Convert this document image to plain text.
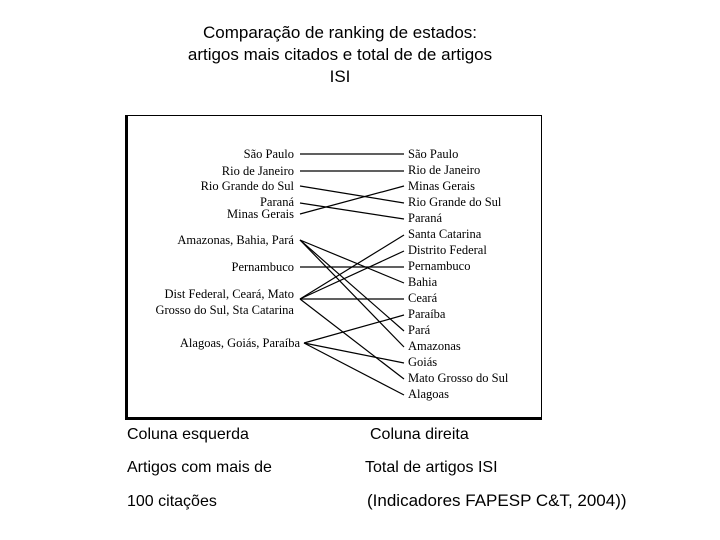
Comparação de ranking de estados:
artigos mais citados e total de de artigos
ISI
São Paulo
Rio de Janeiro
Rio Grande do Sul
Paraná
Minas Gerais
Amazonas, Bahia, Pará
Pernambuco
Dist Federal, Ceará, Mato
Grosso do Sul, Sta Catarina
Alagoas, Goiás, Paraíba
São Paulo
Rio de Janeiro
Minas Gerais
Rio Grande do Sul
Paraná
Santa Catarina
Distrito Federal
Pernambuco
Bahia
Ceará
Paraíba
Pará
Amazonas
Goiás
Mato Grosso do Sul
Alagoas
Coluna esquerda	Coluna direita
Artigos com mais de	Total de artigos ISI
100 citações	(Indicadores FAPESP C&T, 2004))
